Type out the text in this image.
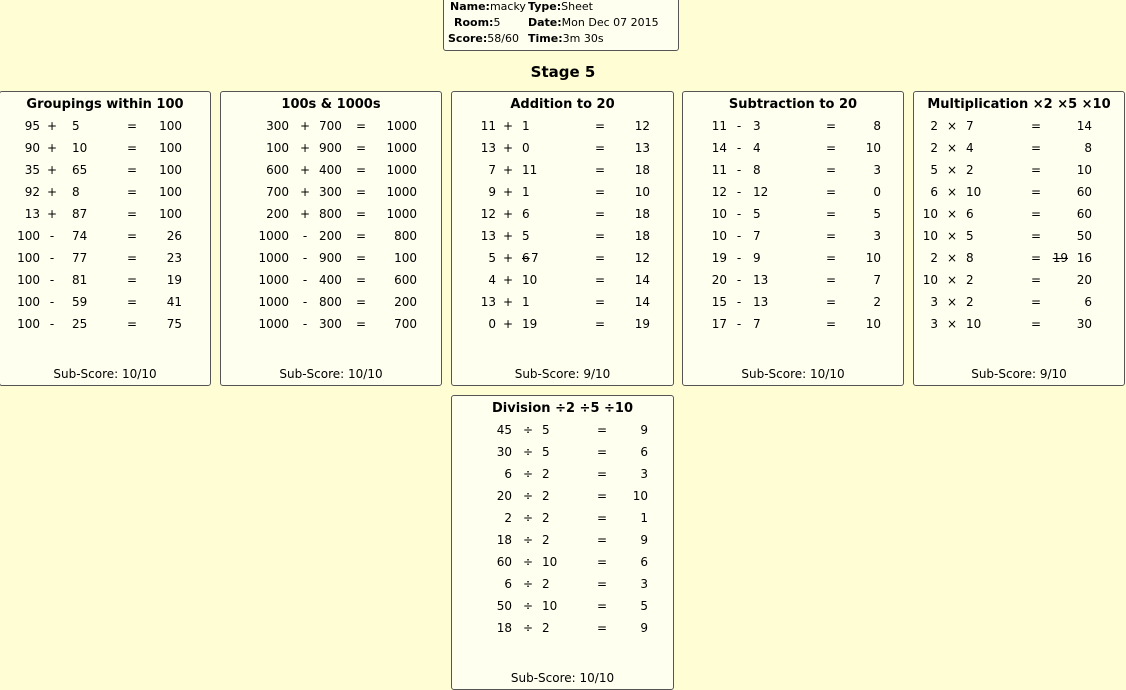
Name:macky Type:Sheet
Room:5	Date:Mon Dec 07 2015
Score:58/60 Time:3m 30s
Stage 5
Groupings within 100
95 + 5	=	100
90 + 10	=	100
35 + 65	=	100
92 + 8	=	100
13 + 87	=	100
100 -	74	=	26
100 -	77	=	23
100 -	81	=	19
100 -	59	=	41
100 -	25	=	75
Sub-Score: 10/10
100s & 1000s
300 + 700 =	1000
100 + 900 =	1000
600 + 400 =	1000
700 + 300 =	1000
200 + 800 =	1000
1000	- 200 =	800
1000	- 900 =	100
1000	- 400 =	600
1000	- 800 =	200
1000	- 300 =	700
Sub-Score: 10/10
Addition to 20
11 + 1	=	12
13 + 0	=	13
7 + 11	=	18
9 + 1	=	10
12 + 6	=	18
13 + 5	=	18
5 + 6 7	=	12
4 + 10	=	14
13 + 1	=	14
0 + 19	=	19
Sub-Score: 9/10
Subtraction to 20
11 - 3	=	8
14 - 4	=	10
11 - 8	=	3
12 - 12	=	0
10 - 5	=	5
10 - 7	=	3
19 - 9	=	10
20 - 13	=	7
15 - 13	=	2
17 - 7	=	10
Sub-Score: 10/10
Multiplication ×2 ×5 ×10
2 × 7	=	14
2 × 4	=	8
5 × 2	=	10
6 × 10	=	60
10 × 6	=	60
10 × 5	=	50
2 × 8	= 19 16
10 × 2	=	20
3 × 2	=	6
3 × 10	=	30
Sub-Score: 9/10
Division ÷2 ÷5 ÷10
45 ÷ 5	=	9
30 ÷ 5	=	6
6 ÷ 2	=	3
20 ÷ 2	=	10
2 ÷ 2	=	1
18 ÷ 2	=	9
60 ÷ 10	=	6
6 ÷ 2	=	3
50 ÷ 10	=	5
18 ÷ 2	=	9
Sub-Score: 10/10
